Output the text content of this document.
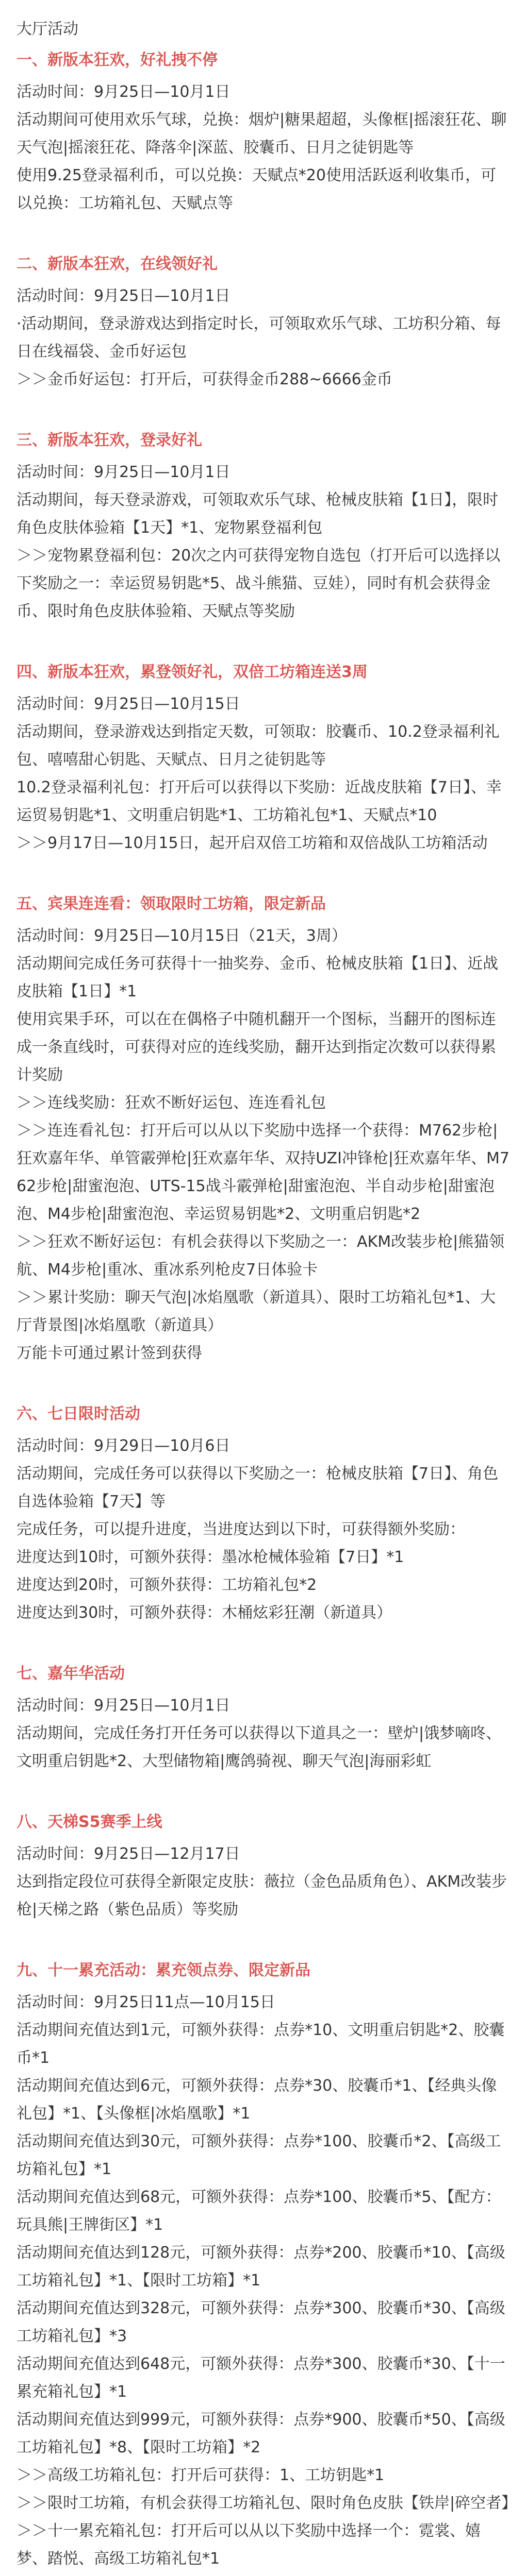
大厅活动
一、新版本狂欢，好礼拽不停
活动时间：9月25日—10月1日
活动期间可使用欢乐气球，兑换：烟炉|糖果超超，头像框|摇滚狂花、聊天气泡|摇滚狂花、降落伞|深蓝、胶囊币、日月之徒钥匙等
使用9.25登录福利币，可以兑换：天赋点*20使用活跃返利收集币，可以兑换：工坊箱礼包、天赋点等
二、新版本狂欢，在线领好礼
活动时间：9月25日—10月1日
·活动期间，登录游戏达到指定时长，可领取欢乐气球、工坊积分箱、每日在线福袋、金币好运包
＞＞金币好运包：打开后，可获得金币288~6666金币
三、新版本狂欢，登录好礼
活动时间：9月25日—10月1日
活动期间，每天登录游戏，可领取欢乐气球、枪械皮肤箱【1日】，限时角色皮肤体验箱【1天】*1、宠物累登福利包
＞＞宠物累登福利包：20次之内可获得宠物自选包（打开后可以选择以下奖励之一：幸运贸易钥匙*5、战斗熊猫、豆娃），同时有机会获得金币、限时角色皮肤体验箱、天赋点等奖励
四、新版本狂欢，累登领好礼，双倍工坊箱连送3周
活动时间：9月25日—10月15日
活动期间，登录游戏达到指定天数，可领取：胶囊币、10.2登录福利礼包、嘻嘻甜心钥匙、天赋点、日月之徒钥匙等
10.2登录福利礼包：打开后可以获得以下奖励：近战皮肤箱【7日】、幸运贸易钥匙*1、文明重启钥匙*1、工坊箱礼包*1、天赋点*10
＞＞9月17日—10月15日，起开启双倍工坊箱和双倍战队工坊箱活动
五、宾果连连看：领取限时工坊箱，限定新品
活动时间：9月25日—10月15日（21天，3周）
活动期间完成任务可获得十一抽奖券、金币、枪械皮肤箱【1日】、近战皮肤箱【1日】*1
使用宾果手环，可以在在偶格子中随机翻开一个图标，当翻开的图标连成一条直线时，可获得对应的连线奖励，翻开达到指定次数可以获得累计奖励
＞＞连线奖励：狂欢不断好运包、连连看礼包
＞＞连连看礼包：打开后可以从以下奖励中选择一个获得：M762步枪|狂欢嘉年华、单管霰弹枪|狂欢嘉年华、双持UZI冲锋枪|狂欢嘉年华、M762步枪|甜蜜泡泡、UTS-15战斗霰弹枪|甜蜜泡泡、半自动步枪|甜蜜泡泡、M4步枪|甜蜜泡泡、幸运贸易钥匙*2、文明重启钥匙*2
＞＞狂欢不断好运包：有机会获得以下奖励之一：AKM改装步枪|熊猫领航、M4步枪|重冰、重冰系列枪皮7日体验卡
＞＞累计奖励：聊天气泡|冰焰凰歌（新道具）、限时工坊箱礼包*1、大厅背景图|冰焰凰歌（新道具）
万能卡可通过累计签到获得
六、七日限时活动
活动时间：9月29日—10月6日
活动期间，完成任务可以获得以下奖励之一：枪械皮肤箱【7日】、角色自选体验箱【7天】等
完成任务，可以提升进度，当进度达到以下时，可获得额外奖励：
进度达到10时，可额外获得：墨冰枪械体验箱【7日】*1
进度达到20时，可额外获得：工坊箱礼包*2
进度达到30时，可额外获得：木桶炫彩狂潮（新道具）
七、嘉年华活动
活动时间：9月25日—10月1日
活动期间，完成任务打开任务可以获得以下道具之一：壁炉|饿梦嘀咚、文明重启钥匙*2、大型储物箱|鹰鸽骑视、聊天气泡|海丽彩虹
八、天梯S5赛季上线
活动时间：9月25日—12月17日
达到指定段位可获得全新限定皮肤：薇拉（金色品质角色）、AKM改装步枪|天梯之路（紫色品质）等奖励
九、十一累充活动：累充领点券、限定新品
活动时间：9月25日11点—10月15日
活动期间充值达到1元，可额外获得：点券*10、文明重启钥匙*2、胶囊币*1
活动期间充值达到6元，可额外获得：点券*30、胶囊币*1、【经典头像礼包】*1、【头像框|冰焰凰歌】*1
活动期间充值达到30元，可额外获得：点券*100、胶囊币*2、【高级工坊箱礼包】*1
活动期间充值达到68元，可额外获得：点券*100、胶囊币*5、【配方：玩具熊|王牌街区】*1
活动期间充值达到128元，可额外获得：点券*200、胶囊币*10、【高级工坊箱礼包】*1、【限时工坊箱】*1
活动期间充值达到328元，可额外获得：点券*300、胶囊币*30、【高级工坊箱礼包】*3
活动期间充值达到648元，可额外获得：点券*300、胶囊币*30、【十一累充箱礼包】*1
活动期间充值达到999元，可额外获得：点券*900、胶囊币*50、【高级工坊箱礼包】*8、【限时工坊箱】*2
＞＞高级工坊箱礼包：打开后可获得：1、工坊钥匙*1
＞＞限时工坊箱，有机会获得工坊箱礼包、限时角色皮肤【铁岸|碎空者】
＞＞十一累充箱礼包：打开后可以从以下奖励中选择一个：霓裳、嬉梦、踏悦、高级工坊箱礼包*1
